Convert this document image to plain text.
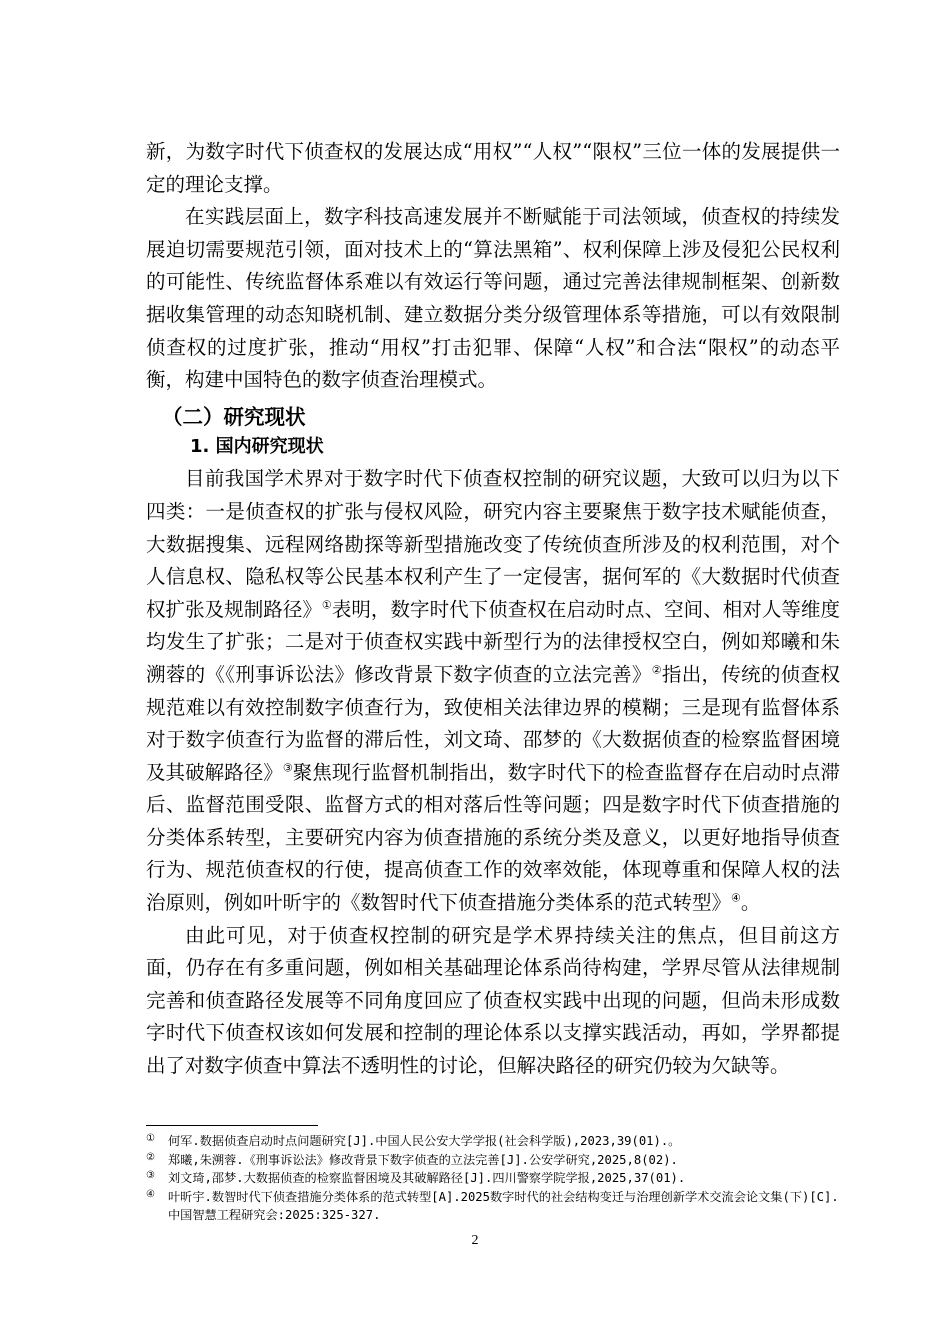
新，为数字时代下侦查权的发展达成“用权”“人权”“限权”三位一体的发展提供一定的理论支撑。

在实践层面上，数字科技高速发展并不断赋能于司法领域，侦查权的持续发展迫切需要规范引领，面对技术上的“算法黑箱”、权利保障上涉及侵犯公民权利的可能性、传统监督体系难以有效运行等问题，通过完善法律规制框架、创新数据收集管理的动态知晓机制、建立数据分类分级管理体系等措施，可以有效限制侦查权的过度扩张，推动“用权”打击犯罪、保障“人权”和合法“限权”的动态平衡，构建中国特色的数字侦查治理模式。

（二）研究现状
1. 国内研究现状

目前我国学术界对于数字时代下侦查权控制的研究议题，大致可以归为以下四类：一是侦查权的扩张与侵权风险，研究内容主要聚焦于数字技术赋能侦查，大数据搜集、远程网络勘探等新型措施改变了传统侦查所涉及的权利范围，对个人信息权、隐私权等公民基本权利产生了一定侵害，据何军的《大数据时代侦查权扩张及规制路径》①表明，数字时代下侦查权在启动时点、空间、相对人等维度均发生了扩张；二是对于侦查权实践中新型行为的法律授权空白，例如郑曦和朱溯蓉的《《刑事诉讼法》修改背景下数字侦查的立法完善》②指出，传统的侦查权规范难以有效控制数字侦查行为，致使相关法律边界的模糊；三是现有监督体系对于数字侦查行为监督的滞后性，刘文琦、邵梦的《大数据侦查的检察监督困境及其破解路径》③聚焦现行监督机制指出，数字时代下的检查监督存在启动时点滞后、监督范围受限、监督方式的相对落后性等问题；四是数字时代下侦查措施的分类体系转型，主要研究内容为侦查措施的系统分类及意义，以更好地指导侦查行为、规范侦查权的行使，提高侦查工作的效率效能，体现尊重和保障人权的法治原则，例如叶昕宇的《数智时代下侦查措施分类体系的范式转型》④。

由此可见，对于侦查权控制的研究是学术界持续关注的焦点，但目前这方面，仍存在有多重问题，例如相关基础理论体系尚待构建，学界尽管从法律规制完善和侦查路径发展等不同角度回应了侦查权实践中出现的问题，但尚未形成数字时代下侦查权该如何发展和控制的理论体系以支撑实践活动，再如，学界都提出了对数字侦查中算法不透明性的讨论，但解决路径的研究仍较为欠缺等。

① 何军.数据侦查启动时点问题研究[J].中国人民公安大学学报(社会科学版),2023,39(01).。

② 郑曦,朱溯蓉.《刑事诉讼法》修改背景下数字侦查的立法完善[J].公安学研究,2025,8(02).

③ 刘文琦,邵梦.大数据侦查的检察监督困境及其破解路径[J].四川警察学院学报,2025,37(01).

④ 叶昕宇.数智时代下侦查措施分类体系的范式转型[A].2025数字时代的社会结构变迁与治理创新学术交流会论文集(下)[C].中国智慧工程研究会:2025:325-327.

2
